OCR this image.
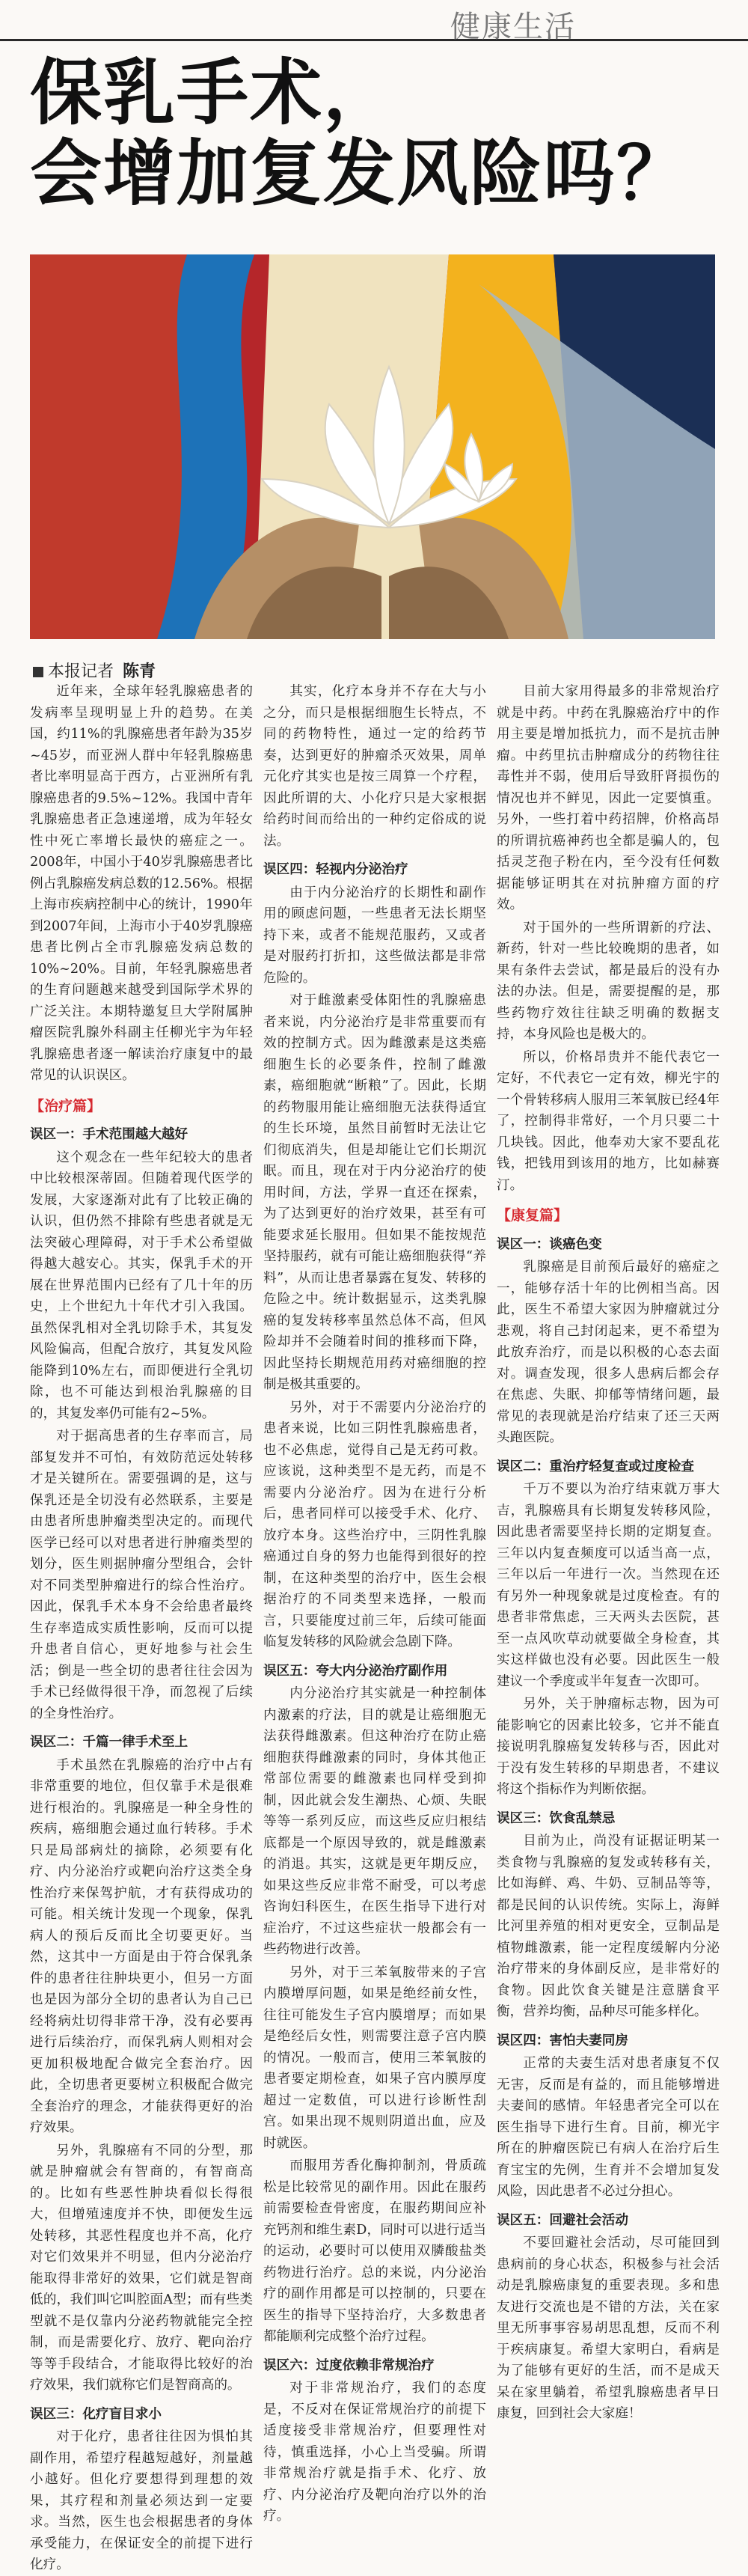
健康生活
保乳手术，
会增加复发风险吗？
本报记者 陈青

近年来，全球年轻乳腺癌患者的发病率呈现明显上升的趋势。在美国，约11%的乳腺癌患者年龄为35岁~45岁，而亚洲人群中年轻乳腺癌患者比率明显高于西方，占亚洲所有乳腺癌患者的9.5%~12%。我国中青年乳腺癌患者正急速递增，成为年轻女性中死亡率增长最快的癌症之一。2008年，中国小于40岁乳腺癌患者比例占乳腺癌发病总数的12.56%。根据上海市疾病控制中心的统计，1990年到2007年间，上海市小于40岁乳腺癌患者比例占全市乳腺癌发病总数的10%~20%。目前，年轻乳腺癌患者的生育问题越来越受到国际学术界的广泛关注。本期特邀复旦大学附属肿瘤医院乳腺外科副主任柳光宇为年轻乳腺癌患者逐一解读治疗康复中的最常见的认识误区。

【治疗篇】
误区一：手术范围越大越好

这个观念在一些年纪较大的患者中比较根深蒂固。但随着现代医学的发展，大家逐渐对此有了比较正确的认识，但仍然不排除有些患者就是无法突破心理障碍，对于手术公希望做得越大越安心。其实，保乳手术的开展在世界范围内已经有了几十年的历史，上个世纪九十年代才引入我国。虽然保乳相对全乳切除手术，其复发风险偏高，但配合放疗，其复发风险能降到10%左右，而即便进行全乳切除，也不可能达到根治乳腺癌的目的，其复发率仍可能有2~5%。

对于据高患者的生存率而言，局部复发并不可怕，有效防范远处转移才是关键所在。需要强调的是，这与保乳还是全切没有必然联系，主要是由患者所患肿瘤类型决定的。而现代医学已经可以对患者进行肿瘤类型的划分，医生则据肿瘤分型组合，会针对不同类型肿瘤进行的综合性治疗。因此，保乳手术本身不会给患者最终生存率造成实质性影响，反而可以提升患者自信心，更好地参与社会生活；倒是一些全切的患者往往会因为手术已经做得很干净，而忽视了后续的全身性治疗。

误区二：千篇一律手术至上

手术虽然在乳腺癌的治疗中占有非常重要的地位，但仅靠手术是很难进行根治的。乳腺癌是一种全身性的疾病，癌细胞会通过血行转移。手术只是局部病灶的摘除，必须要有化疗、内分泌治疗或靶向治疗这类全身性治疗来保驾护航，才有获得成功的可能。相关统计发现一个现象，保乳病人的预后反而比全切要更好。当然，这其中一方面是由于符合保乳条件的患者往往肿块更小，但另一方面也是因为部分全切的患者认为自己已经将病灶切得非常干净，没有必要再进行后续治疗，而保乳病人则相对会更加积极地配合做完全套治疗。因此，全切患者更要树立积极配合做完全套治疗的理念，才能获得更好的治疗效果。

另外，乳腺癌有不同的分型，那就是肿瘤就会有智商的，有智商高的。比如有些恶性肿块看似长得很大，但增殖速度并不快，即便发生远处转移，其恶性程度也并不高，化疗对它们效果并不明显，但内分泌治疗能取得非常好的效果，它们就是智商低的，我们叫它叫腔面A型；而有些类型就不是仅靠内分泌药物就能完全控制，而是需要化疗、放疗、靶向治疗等等手段结合，才能取得比较好的治疗效果，我们就称它们是智商高的。

误区三：化疗盲目求小

对于化疗，患者往往因为惧怕其副作用，希望疗程越短越好，剂量越小越好。但化疗要想得到理想的效果，其疗程和剂量必须达到一定要求。当然，医生也会根据患者的身体承受能力，在保证安全的前提下进行化疗。

其实，化疗本身并不存在大与小之分，而只是根据细胞生长特点，不同的药物特性，通过一定的给药节奏，达到更好的肿瘤杀灭效果，周单元化疗其实也是按三周算一个疗程，因此所谓的大、小化疗只是大家根据给药时间而给出的一种约定俗成的说法。

误区四：轻视内分泌治疗

由于内分泌治疗的长期性和副作用的顾虑问题，一些患者无法长期坚持下来，或者不能规范服药，又或者是对服药打折扣，这些做法都是非常危险的。

对于雌激素受体阳性的乳腺癌患者来说，内分泌治疗是非常重要而有效的控制方式。因为雌激素是这类癌细胞生长的必要条件，控制了雌激素，癌细胞就“断粮”了。因此，长期的药物服用能让癌细胞无法获得适宜的生长环境，虽然目前暂时无法让它们彻底消失，但是却能让它们长期沉眠。而且，现在对于内分泌治疗的使用时间，方法，学界一直还在探索，为了达到更好的治疗效果，甚至有可能要求延长服用。但如果不能按规范坚持服药，就有可能让癌细胞获得“养料”，从而让患者暴露在复发、转移的危险之中。统计数据显示，这类乳腺癌的复发转移率虽然总体不高，但风险却并不会随着时间的推移而下降，因此坚持长期规范用药对癌细胞的控制是极其重要的。

另外，对于不需要内分泌治疗的患者来说，比如三阴性乳腺癌患者，也不必焦虑，觉得自己是无药可救。应该说，这种类型不是无药，而是不需要内分泌治疗。因为在进行分析后，患者同样可以接受手术、化疗、放疗本身。这些治疗中，三阴性乳腺癌通过自身的努力也能得到很好的控制，在这种类型的治疗中，医生会根据治疗的不同类型来选择，一般而言，只要能度过前三年，后续可能面临复发转移的风险就会急剧下降。

误区五：夸大内分泌治疗副作用

内分泌治疗其实就是一种控制体内激素的疗法，目的就是让癌细胞无法获得雌激素。但这种治疗在防止癌细胞获得雌激素的同时，身体其他正常部位需要的雌激素也同样受到抑制，因此就会发生潮热、心烦、失眠等等一系列反应，而这些反应归根结底都是一个原因导致的，就是雌激素的消退。其实，这就是更年期反应，如果这些反应非常不耐受，可以考虑咨询妇科医生，在医生指导下进行对症治疗，不过这些症状一般都会有一些药物进行改善。

另外，对于三苯氧胺带来的子宫内膜增厚问题，如果是绝经前女性，往往可能发生子宫内膜增厚；而如果是绝经后女性，则需要注意子宫内膜的情况。一般而言，使用三苯氧胺的患者要定期检查，如果子宫内膜厚度超过一定数值，可以进行诊断性刮宫。如果出现不规则阴道出血，应及时就医。

而服用芳香化酶抑制剂，骨质疏松是比较常见的副作用。因此在服药前需要检查骨密度，在服药期间应补充钙剂和维生素D，同时可以进行适当的运动，必要时可以使用双膦酸盐类药物进行治疗。总的来说，内分泌治疗的副作用都是可以控制的，只要在医生的指导下坚持治疗，大多数患者都能顺利完成整个治疗过程。

误区六：过度依赖非常规治疗

对于非常规治疗，我们的态度是，不反对在保证常规治疗的前提下适度接受非常规治疗，但要理性对待，慎重选择，小心上当受骗。所谓非常规治疗就是指手术、化疗、放疗、内分泌治疗及靶向治疗以外的治疗。

目前大家用得最多的非常规治疗就是中药。中药在乳腺癌治疗中的作用主要是增加抵抗力，而不是抗击肿瘤。中药里抗击肿瘤成分的药物往往毒性并不弱，使用后导致肝肾损伤的情况也并不鲜见，因此一定要慎重。另外，一些打着中药招牌，价格高昂的所谓抗癌神药也全都是骗人的，包括灵芝孢子粉在内，至今没有任何数据能够证明其在对抗肿瘤方面的疗效。

对于国外的一些所谓新的疗法、新药，针对一些比较晚期的患者，如果有条件去尝试，都是最后的没有办法的办法。但是，需要提醒的是，那些药物疗效往往缺乏明确的数据支持，本身风险也是极大的。

所以，价格昂贵并不能代表它一定好，不代表它一定有效，柳光宇的一个骨转移病人服用三苯氧胺已经4年了，控制得非常好，一个月只要二十几块钱。因此，他奉劝大家不要乱花钱，把钱用到该用的地方，比如赫赛汀。

【康复篇】
误区一：谈癌色变

乳腺癌是目前预后最好的癌症之一，能够存活十年的比例相当高。因此，医生不希望大家因为肿瘤就过分悲观，将自己封闭起来，更不希望为此放弃治疗，而是以积极的心态去面对。调查发现，很多人患病后都会存在焦虑、失眠、抑郁等情绪问题，最常见的表现就是治疗结束了还三天两头跑医院。

误区二：重治疗轻复查或过度检查

千万不要以为治疗结束就万事大吉，乳腺癌具有长期复发转移风险，因此患者需要坚持长期的定期复查。三年以内复查频度可以适当高一点，三年以后一年进行一次。当然现在还有另外一种现象就是过度检查。有的患者非常焦虑，三天两头去医院，甚至一点风吹草动就要做全身检查，其实这样做也没有必要。因此医生一般建议一个季度或半年复查一次即可。

另外，关于肿瘤标志物，因为可能影响它的因素比较多，它并不能直接说明乳腺癌复发转移与否，因此对于没有发生转移的早期患者，不建议将这个指标作为判断依据。

误区三：饮食乱禁忌

目前为止，尚没有证据证明某一类食物与乳腺癌的复发或转移有关，比如海鲜、鸡、牛奶、豆制品等等，都是民间的认识传统。实际上，海鲜比河里养殖的相对更安全，豆制品是植物雌激素，能一定程度缓解内分泌治疗带来的身体副反应，是非常好的食物。因此饮食关键是注意膳食平衡，营养均衡，品种尽可能多样化。

误区四：害怕夫妻同房

正常的夫妻生活对患者康复不仅无害，反而是有益的，而且能够增进夫妻间的感情。年轻患者完全可以在医生指导下进行生育。目前，柳光宇所在的肿瘤医院已有病人在治疗后生育宝宝的先例，生育并不会增加复发风险，因此患者不必过分担心。

误区五：回避社会活动

不要回避社会活动，尽可能回到患病前的身心状态，积极参与社会活动是乳腺癌康复的重要表现。多和患友进行交流也是不错的方法，关在家里无所事事容易胡思乱想，反而不利于疾病康复。希望大家明白，看病是为了能够有更好的生活，而不是成天呆在家里躺着，希望乳腺癌患者早日康复，回到社会大家庭！
